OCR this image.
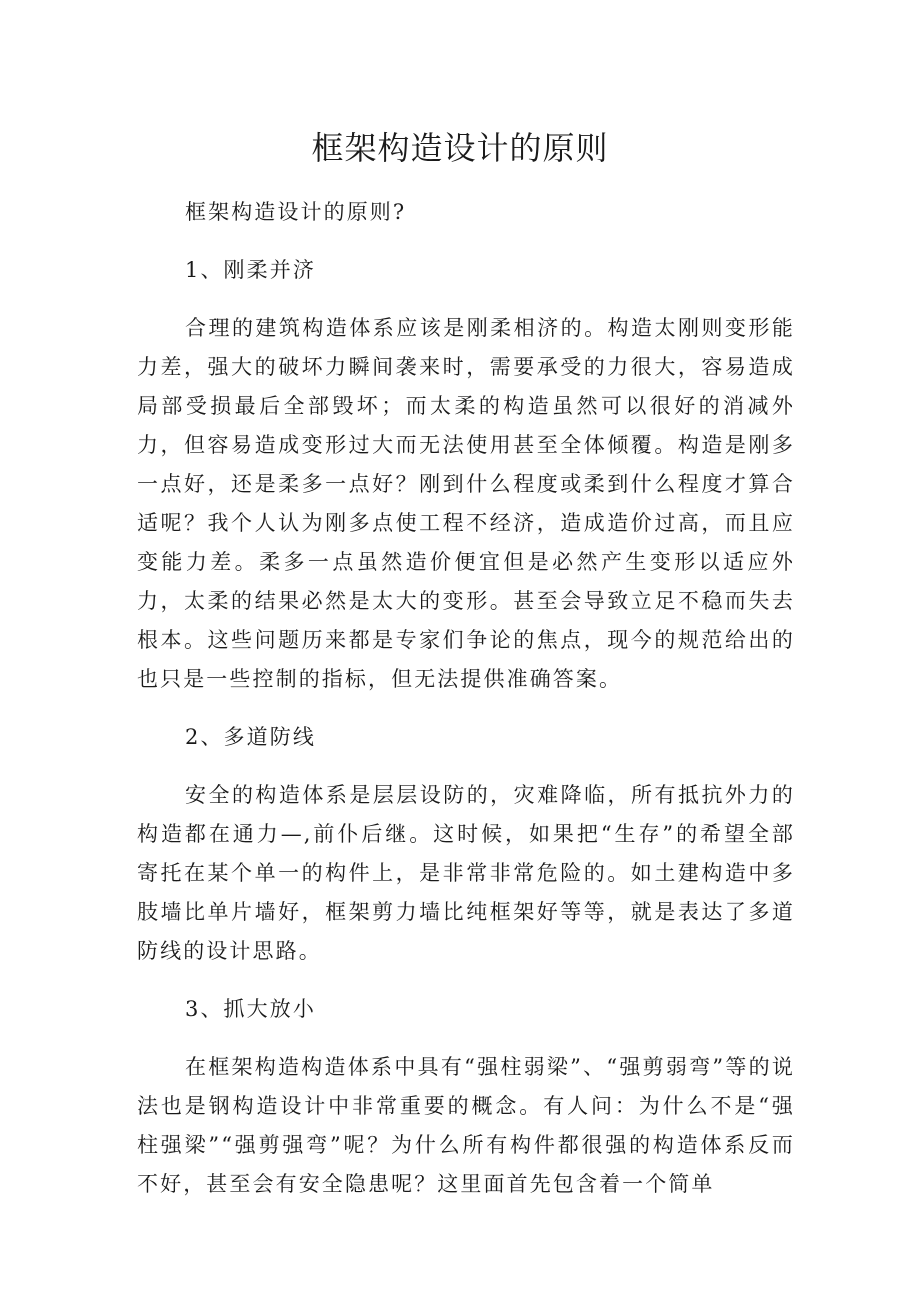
框架构造设计的原则

框架构造设计的原则?

1、刚柔并济

合理的建筑构造体系应该是刚柔相济的。构造太刚则变形能力差，强大的破坏力瞬间袭来时，需要承受的力很大，容易造成局部受损最后全部毁坏；而太柔的构造虽然可以很好的消减外力，但容易造成变形过大而无法使用甚至全体倾覆。构造是刚多一点好，还是柔多一点好？刚到什么程度或柔到什么程度才算合适呢？我个人认为刚多点使工程不经济，造成造价过高，而且应变能力差。柔多一点虽然造价便宜但是必然产生变形以适应外力，太柔的结果必然是太大的变形。甚至会导致立足不稳而失去根本。这些问题历来都是专家们争论的焦点，现今的规范给出的也只是一些控制的指标，但无法提供准确答案。

2、多道防线

安全的构造体系是层层设防的，灾难降临，所有抵抗外力的构造都在通力—,前仆后继。这时候，如果把“生存”的希望全部寄托在某个单一的构件上，是非常非常危险的。如土建构造中多肢墙比单片墙好，框架剪力墙比纯框架好等等，就是表达了多道防线的设计思路。

3、抓大放小

在框架构造构造体系中具有“强柱弱梁”、“强剪弱弯”等的说法也是钢构造设计中非常重要的概念。有人问：为什么不是“强柱强梁”“强剪强弯”呢？为什么所有构件都很强的构造体系反而不好，甚至会有安全隐患呢？这里面首先包含着一个简单
